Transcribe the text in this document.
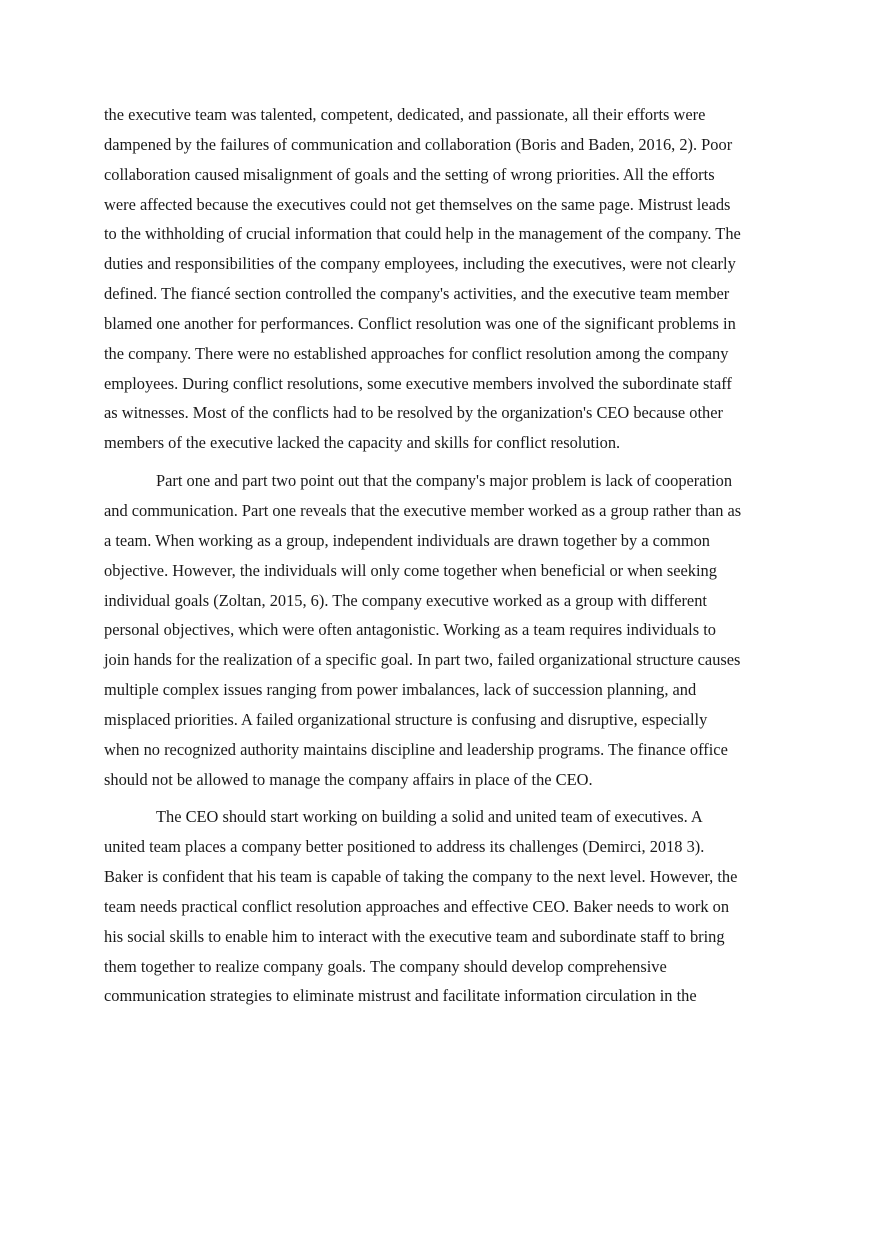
the executive team was talented, competent, dedicated, and passionate, all their efforts were
dampened by the failures of communication and collaboration (Boris and Baden, 2016, 2). Poor
collaboration caused misalignment of goals and the setting of wrong priorities. All the efforts
were affected because the executives could not get themselves on the same page. Mistrust leads
to the withholding of crucial information that could help in the management of the company. The
duties and responsibilities of the company employees, including the executives, were not clearly
defined. The fiancé section controlled the company's activities, and the executive team member
blamed one another for performances. Conflict resolution was one of the significant problems in
the company. There were no established approaches for conflict resolution among the company
employees. During conflict resolutions, some executive members involved the subordinate staff
as witnesses. Most of the conflicts had to be resolved by the organization's CEO because other
members of the executive lacked the capacity and skills for conflict resolution.
Part one and part two point out that the company's major problem is lack of cooperation
and communication. Part one reveals that the executive member worked as a group rather than as
a team. When working as a group, independent individuals are drawn together by a common
objective. However, the individuals will only come together when beneficial or when seeking
individual goals (Zoltan, 2015, 6). The company executive worked as a group with different
personal objectives, which were often antagonistic. Working as a team requires individuals to
join hands for the realization of a specific goal. In part two, failed organizational structure causes
multiple complex issues ranging from power imbalances, lack of succession planning, and
misplaced priorities. A failed organizational structure is confusing and disruptive, especially
when no recognized authority maintains discipline and leadership programs. The finance office
should not be allowed to manage the company affairs in place of the CEO.
The CEO should start working on building a solid and united team of executives. A
united team places a company better positioned to address its challenges (Demirci, 2018 3).
Baker is confident that his team is capable of taking the company to the next level. However, the
team needs practical conflict resolution approaches and effective CEO. Baker needs to work on
his social skills to enable him to interact with the executive team and subordinate staff to bring
them together to realize company goals. The company should develop comprehensive
communication strategies to eliminate mistrust and facilitate information circulation in the
